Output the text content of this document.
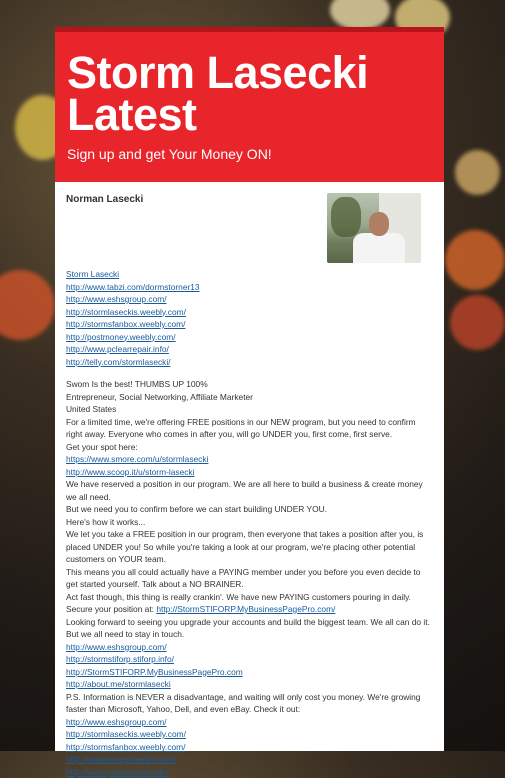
Storm Lasecki Latest

Sign up and get Your Money ON!

Norman Lasecki
Storm Lasecki
http://www.tabzi.com/dormstorner13
http://www.eshsgroup.com/
http://stormlaseckis.weebly.com/
http://stormsfanbox.weebly.com/
http://postmoney.weebly.com/
http://www.pclearrepair.info/
http://telly.com/stormlasecki/
Swom Is the best! THUMBS UP 100%
Entrepreneur, Social Networking, Affiliate Marketer
United States
For a limited time, we're offering FREE positions in our NEW program, but you need to confirm right away. Everyone who comes in after you, will go UNDER you, first come, first serve.
Get your spot here:
https://www.smore.com/u/stormlasecki
http://www.scoop.it/u/storm-lasecki
We have reserved a position in our program. We are all here to build a business & create money we all need.
But we need you to confirm before we can start building UNDER YOU.
Here's how it works...
We let you take a FREE position in our program, then everyone that takes a position after you, is placed UNDER you! So while you're taking a look at our program, we're placing other potential customers on YOUR team.
This means you all could actually have a PAYING member under you before you even decide to get started yourself. Talk about a NO BRAINER.
Act fast though, this thing is really crankin'. We have new PAYING customers pouring in daily.
Secure your position at: http://StormSTIFORP.MyBusinessPagePro.com/
Looking forward to seeing you upgrade your accounts and build the biggest team. We all can do it. But we all need to stay in touch.
http://www.eshsgroup.com/
http://stormstiforp.stiforp.info/
http://StormSTIFORP.MyBusinessPagePro.com
http://about.me/stormlasecki
P.S. Information is NEVER a disadvantage, and waiting will only cost you money. We're growing faster than Microsoft, Yahoo, Dell, and even eBay. Check it out:
http://www.eshsgroup.com/
http://stormlaseckis.weebly.com/
http://stormsfanbox.weebly.com/
http://postmoney.weebly.com/
http://www.pclearrepair.info/
